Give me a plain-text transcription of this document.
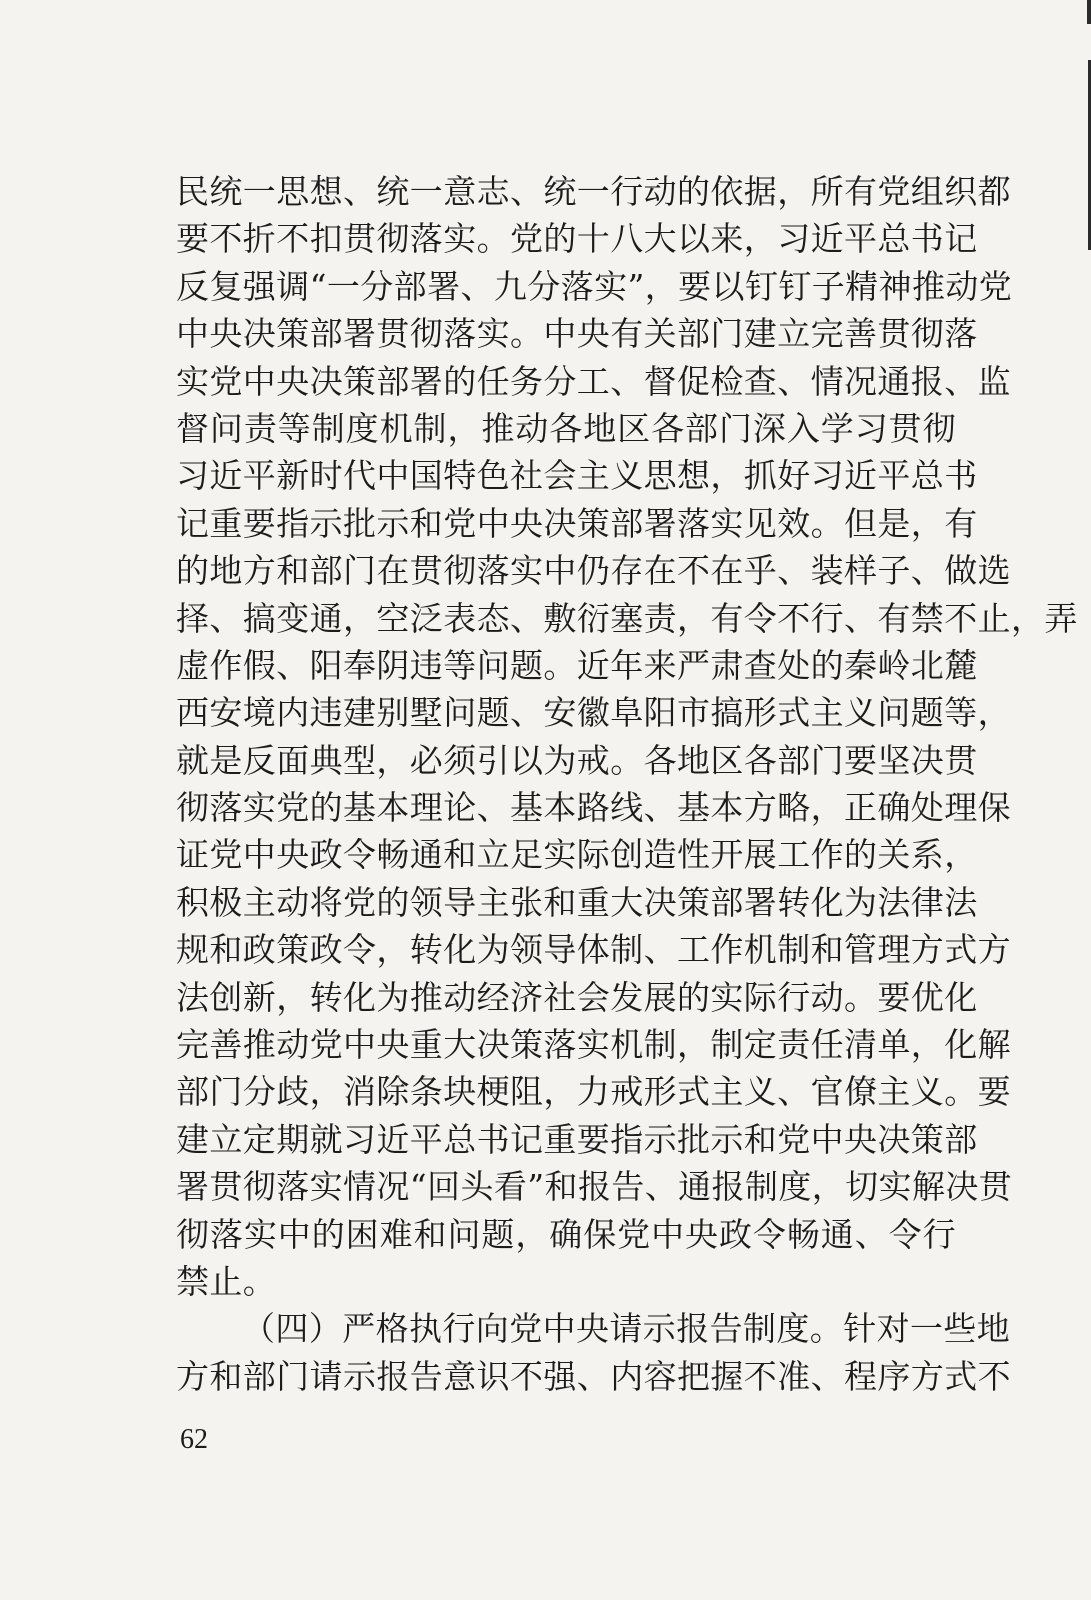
民统一思想、统一意志、统一行动的依据，所有党组织都
要不折不扣贯彻落实。党的十八大以来，习近平总书记
反复强调“一分部署、九分落实”，要以钉钉子精神推动党
中央决策部署贯彻落实。中央有关部门建立完善贯彻落
实党中央决策部署的任务分工、督促检查、情况通报、监
督问责等制度机制，推动各地区各部门深入学习贯彻
习近平新时代中国特色社会主义思想，抓好习近平总书
记重要指示批示和党中央决策部署落实见效。但是，有
的地方和部门在贯彻落实中仍存在不在乎、装样子、做选
择、搞变通，空泛表态、敷衍塞责，有令不行、有禁不止，弄
虚作假、阳奉阴违等问题。近年来严肃查处的秦岭北麓
西安境内违建别墅问题、安徽阜阳市搞形式主义问题等，
就是反面典型，必须引以为戒。各地区各部门要坚决贯
彻落实党的基本理论、基本路线、基本方略，正确处理保
证党中央政令畅通和立足实际创造性开展工作的关系，
积极主动将党的领导主张和重大决策部署转化为法律法
规和政策政令，转化为领导体制、工作机制和管理方式方
法创新，转化为推动经济社会发展的实际行动。要优化
完善推动党中央重大决策落实机制，制定责任清单，化解
部门分歧，消除条块梗阻，力戒形式主义、官僚主义。要
建立定期就习近平总书记重要指示批示和党中央决策部
署贯彻落实情况“回头看”和报告、通报制度，切实解决贯
彻落实中的困难和问题，确保党中央政令畅通、令行
禁止。
（四）严格执行向党中央请示报告制度。针对一些地
方和部门请示报告意识不强、内容把握不准、程序方式不
62
